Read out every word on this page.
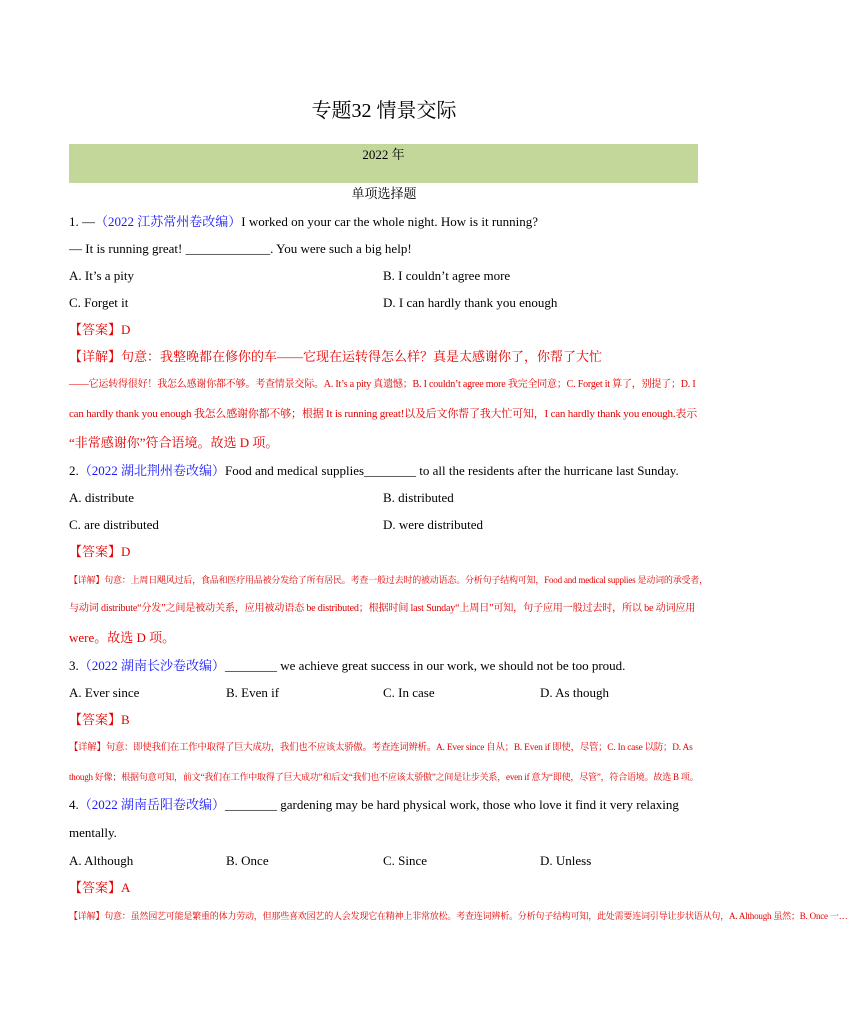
专题32 情景交际
2022 年
单项选择题
1. — （2022 江苏常州卷改编） I worked on your car the whole night. How is it running?
— It is running great! _____________. You were such a big help!
A. It’s a pity	B. I couldn’t agree more
C. Forget it	D. I can hardly thank you enough
【答案】D
【详解】句意：我整晚都在修你的车——它现在运转得怎么样？真是太感谢你了，你帮了大忙
——它运转得很好！我怎么感谢你都不够。考查情景交际。A. It’s a pity 真遗憾；B. I couldn’t agree more 我完全同意；C. Forget it 算了，别提了；D. I
can hardly thank you enough 我怎么感谢你都不够；根据 It is running great!以及后文你帮了我大忙可知，I can hardly thank you enough.表示
“非常感谢你”符合语境。故选 D 项。
2. （2022 湖北荆州卷改编） Food and medical supplies________ to all the residents after the hurricane last Sunday.
A. distribute	B. distributed
C. are distributed	D. were distributed
【答案】D
【详解】句意：上周日飓风过后，食品和医疗用品被分发给了所有居民。考查一般过去时的被动语态。分析句子结构可知，Food and medical supplies 是动词的承受者，
与动词 distribute“分发”之间是被动关系，应用被动语态 be distributed；根据时间 last Sunday“上周日”可知，句子应用一般过去时，所以 be 动词应用
were。故选 D 项。
3. （2022 湖南长沙卷改编） ________ we achieve great success in our work, we should not be too proud.
A. Ever since	B. Even if	C. In case	D. As though
【答案】B
【详解】句意：即使我们在工作中取得了巨大成功，我们也不应该太骄傲。考查连词辨析。A. Ever since 自从；B. Even if 即使，尽管；C. In case 以防；D. As
though 好像；根据句意可知，前文“我们在工作中取得了巨大成功”和后文“我们也不应该太骄傲”之间是让步关系，even if 意为“即使，尽管”，符合语境。故选 B 项。
4. （2022 湖南岳阳卷改编） ________ gardening may be hard physical work, those who love it find it very relaxing
mentally.
A. Although	B. Once	C. Since	D. Unless
【答案】A
【详解】句意：虽然园艺可能是繁重的体力劳动，但那些喜欢园艺的人会发现它在精神上非常放松。考查连词辨析。分析句子结构可知，此处需要连词引导让步状语从句，A. Although 虽然；B. Once 一…
